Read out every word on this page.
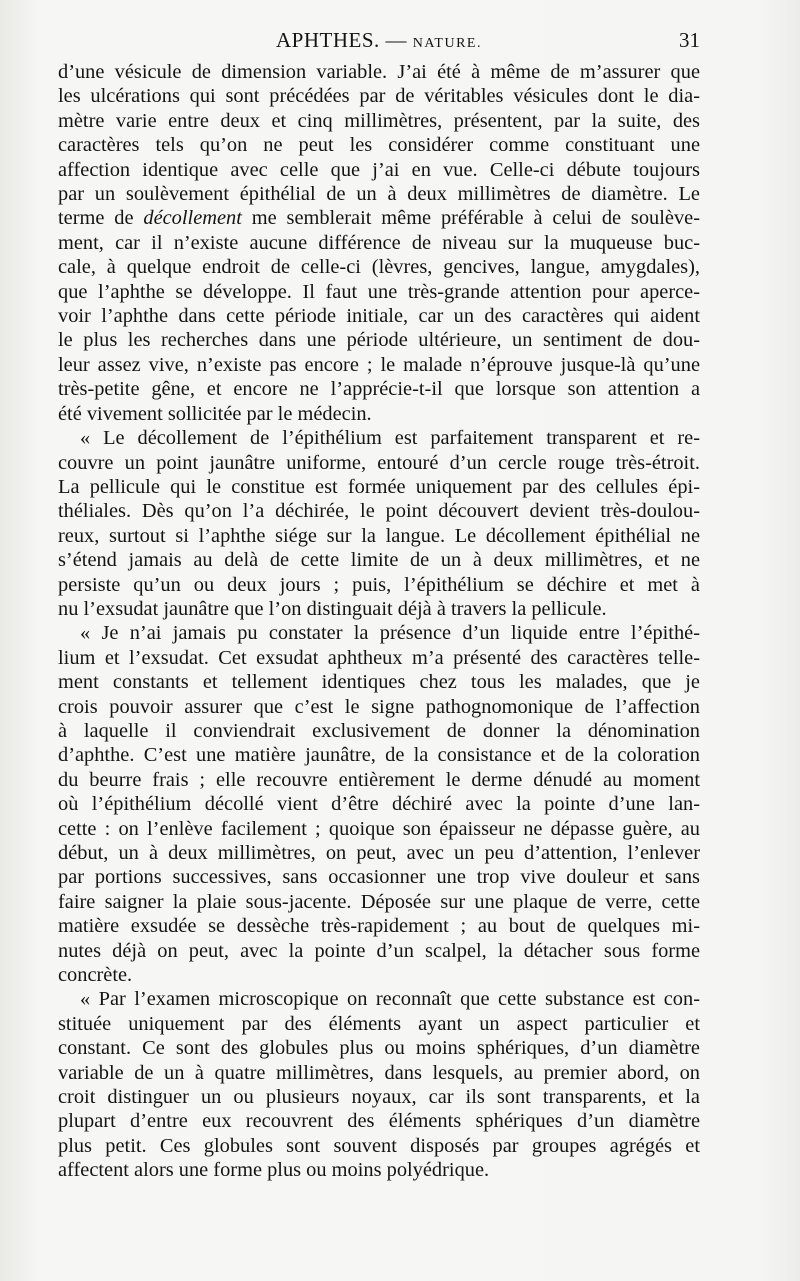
APHTHES. — NATURE.	31

d’une vésicule de dimension variable. J’ai été à même de m’assurer que
les ulcérations qui sont précédées par de véritables vésicules dont le dia-
mètre varie entre deux et cinq millimètres, présentent, par la suite, des
caractères tels qu’on ne peut les considérer comme constituant une
affection identique avec celle que j’ai en vue. Celle-ci débute toujours
par un soulèvement épithélial de un à deux millimètres de diamètre. Le
terme de décollement me semblerait même préférable à celui de soulève-
ment, car il n’existe aucune différence de niveau sur la muqueuse buc-
cale, à quelque endroit de celle-ci (lèvres, gencives, langue, amygdales),
que l’aphthe se développe. Il faut une très-grande attention pour aperce-
voir l’aphthe dans cette période initiale, car un des caractères qui aident
le plus les recherches dans une période ultérieure, un sentiment de dou-
leur assez vive, n’existe pas encore ; le malade n’éprouve jusque-là qu’une
très-petite gêne, et encore ne l’apprécie-t-il que lorsque son attention a
été vivement sollicitée par le médecin.

« Le décollement de l’épithélium est parfaitement transparent et re-
couvre un point jaunâtre uniforme, entouré d’un cercle rouge très-étroit.
La pellicule qui le constitue est formée uniquement par des cellules épi-
théliales. Dès qu’on l’a déchirée, le point découvert devient très-doulou-
reux, surtout si l’aphthe siége sur la langue. Le décollement épithélial ne
s’étend jamais au delà de cette limite de un à deux millimètres, et ne
persiste qu’un ou deux jours ; puis, l’épithélium se déchire et met à
nu l’exsudat jaunâtre que l’on distinguait déjà à travers la pellicule.

« Je n’ai jamais pu constater la présence d’un liquide entre l’épithé-
lium et l’exsudat. Cet exsudat aphtheux m’a présenté des caractères telle-
ment constants et tellement identiques chez tous les malades, que je
crois pouvoir assurer que c’est le signe pathognomonique de l’affection
à laquelle il conviendrait exclusivement de donner la dénomination
d’aphthe. C’est une matière jaunâtre, de la consistance et de la coloration
du beurre frais ; elle recouvre entièrement le derme dénudé au moment
où l’épithélium décollé vient d’être déchiré avec la pointe d’une lan-
cette : on l’enlève facilement ; quoique son épaisseur ne dépasse guère, au
début, un à deux millimètres, on peut, avec un peu d’attention, l’enlever
par portions successives, sans occasionner une trop vive douleur et sans
faire saigner la plaie sous-jacente. Déposée sur une plaque de verre, cette
matière exsudée se dessèche très-rapidement ; au bout de quelques mi-
nutes déjà on peut, avec la pointe d’un scalpel, la détacher sous forme
concrète.

« Par l’examen microscopique on reconnaît que cette substance est con-
stituée uniquement par des éléments ayant un aspect particulier et
constant. Ce sont des globules plus ou moins sphériques, d’un diamètre
variable de un à quatre millimètres, dans lesquels, au premier abord, on
croit distinguer un ou plusieurs noyaux, car ils sont transparents, et la
plupart d’entre eux recouvrent des éléments sphériques d’un diamètre
plus petit. Ces globules sont souvent disposés par groupes agrégés et
affectent alors une forme plus ou moins polyédrique.
